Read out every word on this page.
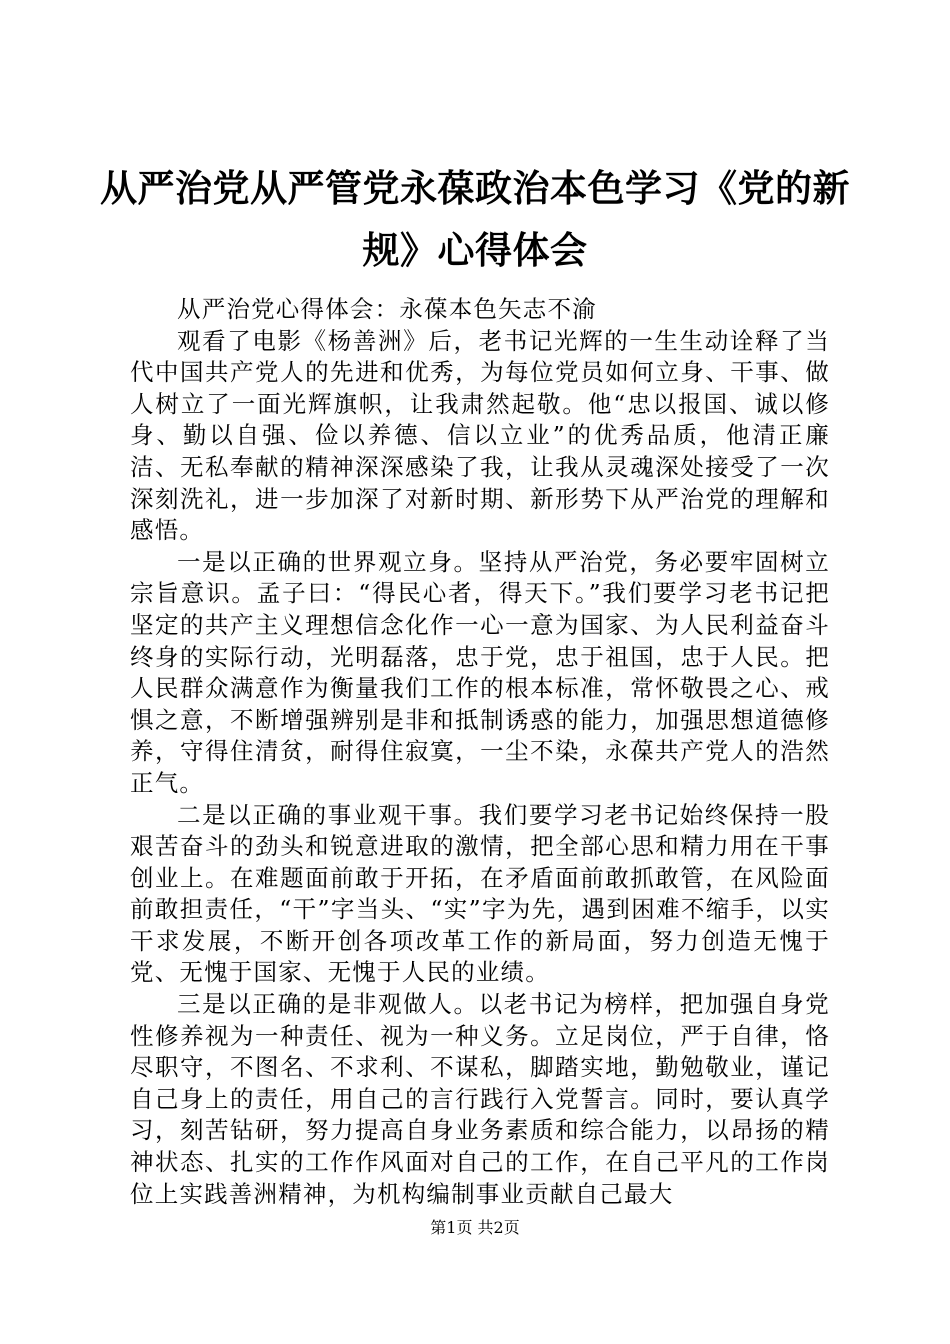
从严治党从严管党永葆政治本色学习《党的新规》心得体会

从严治党心得体会：永葆本色矢志不渝

观看了电影《杨善洲》后，老书记光辉的一生生动诠释了当代中国共产党人的先进和优秀，为每位党员如何立身、干事、做人树立了一面光辉旗帜，让我肃然起敬。他“忠以报国、诚以修身、勤以自强、俭以养德、信以立业”的优秀品质，他清正廉洁、无私奉献的精神深深感染了我，让我从灵魂深处接受了一次深刻洗礼，进一步加深了对新时期、新形势下从严治党的理解和感悟。

一是以正确的世界观立身。坚持从严治党，务必要牢固树立宗旨意识。孟子曰：“得民心者，得天下。”我们要学习老书记把坚定的共产主义理想信念化作一心一意为国家、为人民利益奋斗终身的实际行动，光明磊落，忠于党，忠于祖国，忠于人民。把人民群众满意作为衡量我们工作的根本标准，常怀敬畏之心、戒惧之意，不断增强辨别是非和抵制诱惑的能力，加强思想道德修养，守得住清贫，耐得住寂寞，一尘不染，永葆共产党人的浩然正气。

二是以正确的事业观干事。我们要学习老书记始终保持一股艰苦奋斗的劲头和锐意进取的激情，把全部心思和精力用在干事创业上。在难题面前敢于开拓，在矛盾面前敢抓敢管，在风险面前敢担责任，“干”字当头、“实”字为先，遇到困难不缩手，以实干求发展，不断开创各项改革工作的新局面，努力创造无愧于党、无愧于国家、无愧于人民的业绩。

三是以正确的是非观做人。以老书记为榜样，把加强自身党性修养视为一种责任、视为一种义务。立足岗位，严于自律，恪尽职守，不图名、不求利、不谋私，脚踏实地，勤勉敬业，谨记自己身上的责任，用自己的言行践行入党誓言。同时，要认真学习，刻苦钻研，努力提高自身业务素质和综合能力，以昂扬的精神状态、扎实的工作作风面对自己的工作，在自己平凡的工作岗位上实践善洲精神，为机构编制事业贡献自己最大

第1页 共2页
